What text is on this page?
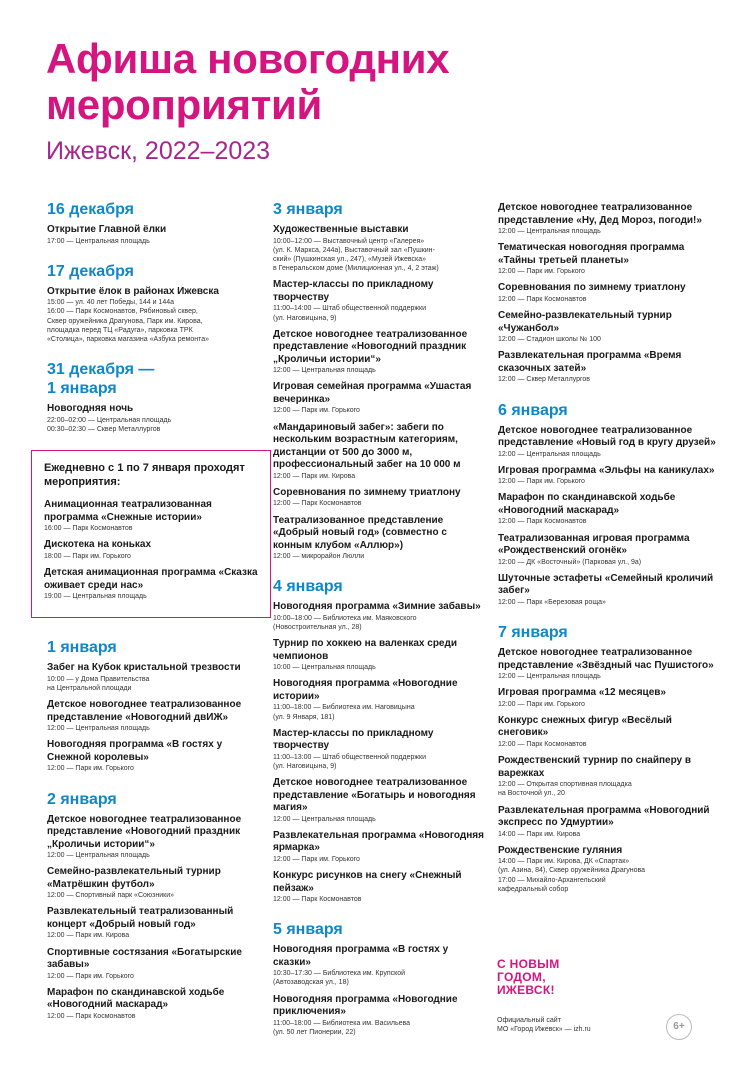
Афиша новогодних
мероприятий
Ижевск, 2022–2023
16 декабря
Открытие Главной ёлки
17:00 — Центральная площадь
17 декабря
Открытие ёлок в районах Ижевска
15:00 — ул. 40 лет Победы, 144 и 144а
16:00 — Парк Космонавтов, Рябиновый сквер,
Сквер оружейника Драгунова, Парк им. Кирова,
площадка перед ТЦ «Радуга», парковка ТРК
«Столица», парковка магазина «Азбука ремонта»
31 декабря —
1 января
Новогодняя ночь
22:00–02:00 — Центральная площадь
00:30–02:30 — Сквер Металлургов
Ежедневно с 1 по 7 января проходят мероприятия:
Анимационная театрализованная программа «Снежные истории»
16:00 — Парк Космонавтов
Дискотека на коньках
18:00 — Парк им. Горького
Детская анимационная программа «Сказка оживает среди нас»
19:00 — Центральная площадь
1 января
Забег на Кубок кристальной трезвости
10:00 — у Дома Правительства
на Центральной площади
Детское новогоднее театрализованное представление «Новогодний двИЖ»
12:00 — Центральная площадь
Новогодняя программа «В гостях у Снежной королевы»
12:00 — Парк им. Горького
2 января
Детское новогоднее театрализованное представление «Новогодний праздник „Кроличьи истории“»
12:00 — Центральная площадь
Семейно-развлекательный турнир «Матрёшкин футбол»
12:00 — Спортивный парк «Союзники»
Развлекательный театрализованный концерт «Добрый новый год»
12:00 — Парк им. Кирова
Спортивные состязания «Богатырские забавы»
12:00 — Парк им. Горького
Марафон по скандинавской ходьбе «Новогодний маскарад»
12:00 — Парк Космонавтов
3 января
Художественные выставки
10:00–12:00 — Выставочный центр «Галерея»
(ул. К. Маркса, 244а), Выставочный зал «Пушкин-
ский» (Пушкинская ул., 247), «Музей Ижевска»
в Генеральском доме (Милиционная ул., 4, 2 этаж)
Мастер-классы по прикладному творчеству
11:00–14:00 — Штаб общественной поддержки
(ул. Наговицына, 9)
Детское новогоднее театрализованное представление «Новогодний праздник „Кроличьи истории“»
12:00 — Центральная площадь
Игровая семейная программа «Ушастая вечеринка»
12:00 — Парк им. Горького
«Мандариновый забег»: забеги по нескольким возрастным категориям, дистанции от 500 до 3000 м, профессиональный забег на 10 000 м
12:00 — Парк им. Кирова
Соревнования по зимнему триатлону
12:00 — Парк Космонавтов
Театрализованное представление «Добрый новый год» (совместно с конным клубом «Аллюр»)
12:00 — микрорайон Люлли
4 января
Новогодняя программа «Зимние забавы»
10:00–18:00 — Библиотека им. Маяковского
(Новостроительная ул., 28)
Турнир по хоккею на валенках среди чемпионов
10:00 — Центральная площадь
Новогодняя программа «Новогодние истории»
11:00–18:00 — Библиотека им. Наговицына
(ул. 9 Января, 181)
Мастер-классы по прикладному творчеству
11:00–13:00 — Штаб общественной поддержки
(ул. Наговицына, 9)
Детское новогоднее театрализованное представление «Богатырь и новогодняя магия»
12:00 — Центральная площадь
Развлекательная программа «Новогодняя ярмарка»
12:00 — Парк им. Горького
Конкурс рисунков на снегу «Снежный пейзаж»
12:00 — Парк Космонавтов
5 января
Новогодняя программа «В гостях у сказки»
10:30–17:30 — Библиотека им. Крупской
(Автозаводская ул., 18)
Новогодняя программа «Новогодние приключения»
11:00–18:00 — Библиотека им. Васильева
(ул. 50 лет Пионерии, 22)
Детское новогоднее театрализованное представление «Ну, Дед Мороз, погоди!»
12:00 — Центральная площадь
Тематическая новогодняя программа «Тайны третьей планеты»
12:00 — Парк им. Горького
Соревнования по зимнему триатлону
12:00 — Парк Космонавтов
Семейно-развлекательный турнир «Чужанбол»
12:00 — Стадион школы № 100
Развлекательная программа «Время сказочных затей»
12:00 — Сквер Металлургов
6 января
Детское новогоднее театрализованное представление «Новый год в кругу друзей»
12:00 — Центральная площадь
Игровая программа «Эльфы на каникулах»
12:00 — Парк им. Горького
Марафон по скандинавской ходьбе «Новогодний маскарад»
12:00 — Парк Космонавтов
Театрализованная игровая программа «Рождественский огонёк»
12:00 — ДК «Восточный» (Парковая ул., 9а)
Шуточные эстафеты «Семейный кроличий забег»
12:00 — Парк «Березовая роща»
7 января
Детское новогоднее театрализованное представление «Звёздный час Пушистого»
12:00 — Центральная площадь
Игровая программа «12 месяцев»
12:00 — Парк им. Горького
Конкурс снежных фигур «Весёлый снеговик»
12:00 — Парк Космонавтов
Рождественский турнир по снайперу в варежках
12:00 — Открытая спортивная площадка
на Восточной ул., 20
Развлекательная программа «Новогодний экспресс по Удмуртии»
14:00 — Парк им. Кирова
Рождественские гуляния
14:00 — Парк им. Кирова, ДК «Спартак»
(ул. Азина, 84), Сквер оружейника Драгунова
17:00 — Михайло-Архангельский
кафедральный собор
С НОВЫМ
ГОДОМ,
ИЖЕВСК!
Официальный сайт
МО «Город Ижевск» — izh.ru	6+
